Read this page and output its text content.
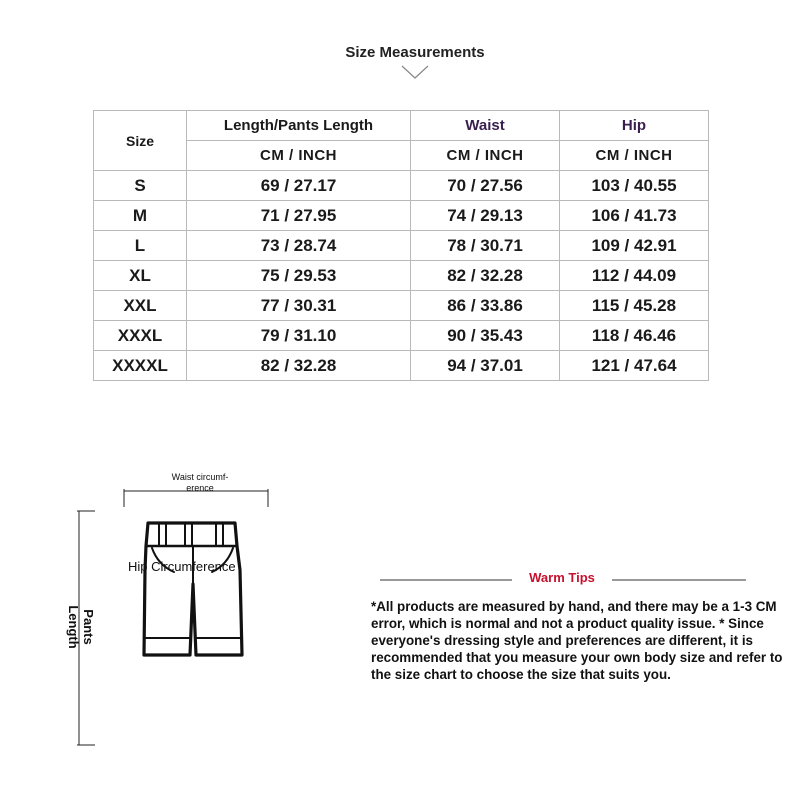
Size Measurements
Size	Length/Pants Length	Waist	Hip
	CM / INCH	CM / INCH	CM / INCH
S	69 / 27.17	70 / 27.56	103 / 40.55
M	71 / 27.95	74 / 29.13	106 / 41.73
L	73 / 28.74	78 / 30.71	109 / 42.91
XL	75 / 29.53	82 / 32.28	112 / 44.09
XXL	77 / 30.31	86 / 33.86	115 / 45.28
XXXL	79 / 31.10	90 / 35.43	118 / 46.46
XXXXL	82 / 32.28	94 / 37.01	121 / 47.64
Waist circumf- erence
Hip Circumference
Pants Length
Warm Tips
*All products are measured by hand, and there may be a 1-3 CM error, which is normal and not a product quality issue. * Since everyone's dressing style and preferences are different, it is recommended that you measure your own body size and refer to the size chart to choose the size that suits you.
